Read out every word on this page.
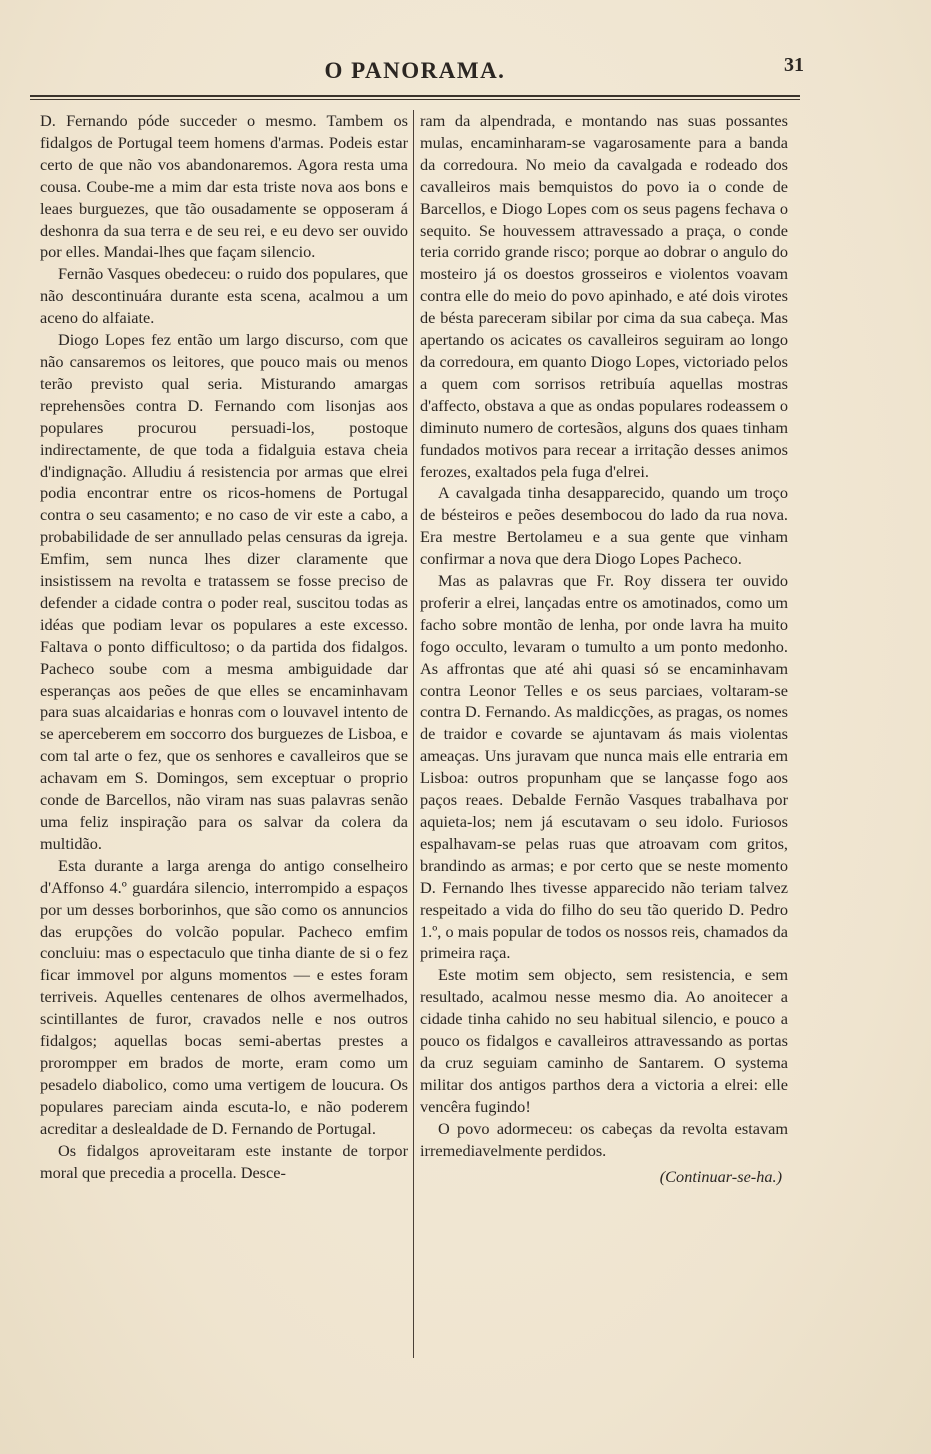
O PANORAMA.	31

D. Fernando póde succeder o mesmo. Tambem os fidalgos de Portugal teem homens d'armas. Podeis estar certo de que não vos abandonaremos. Agora resta uma cousa. Coube-me a mim dar esta triste nova aos bons e leaes burguezes, que tão ousadamente se opposeram á deshonra da sua terra e de seu rei, e eu devo ser ouvido por elles. Mandai-lhes que façam silencio.

Fernão Vasques obedeceu: o ruido dos populares, que não descontinuára durante esta scena, acalmou a um aceno do alfaiate.

Diogo Lopes fez então um largo discurso, com que não cansaremos os leitores, que pouco mais ou menos terão previsto qual seria. Misturando amargas reprehensões contra D. Fernando com lisonjas aos populares procurou persuadi-los, postoque indirectamente, de que toda a fidalguia estava cheia d'indignação. Alludiu á resistencia por armas que elrei podia encontrar entre os ricos-homens de Portugal contra o seu casamento; e no caso de vir este a cabo, a probabilidade de ser annullado pelas censuras da igreja. Emfim, sem nunca lhes dizer claramente que insistissem na revolta e tratassem se fosse preciso de defender a cidade contra o poder real, suscitou todas as idéas que podiam levar os populares a este excesso. Faltava o ponto difficultoso; o da partida dos fidalgos. Pacheco soube com a mesma ambiguidade dar esperanças aos peões de que elles se encaminhavam para suas alcaidarias e honras com o louvavel intento de se aperceberem em soccorro dos burguezes de Lisboa, e com tal arte o fez, que os senhores e cavalleiros que se achavam em S. Domingos, sem exceptuar o proprio conde de Barcellos, não viram nas suas palavras senão uma feliz inspiração para os salvar da colera da multidão.

Esta durante a larga arenga do antigo conselheiro d'Affonso 4.º guardára silencio, interrompido a espaços por um desses borborinhos, que são como os annuncios das erupções do volcão popular. Pacheco emfim concluiu: mas o espectaculo que tinha diante de si o fez ficar immovel por alguns momentos — e estes foram terriveis. Aquelles centenares de olhos avermelhados, scintillantes de furor, cravados nelle e nos outros fidalgos; aquellas bocas semi-abertas prestes a prorompper em brados de morte, eram como um pesadelo diabolico, como uma vertigem de loucura. Os populares pareciam ainda escuta-lo, e não poderem acreditar a deslealdade de D. Fernando de Portugal.

Os fidalgos aproveitaram este instante de torpor moral que precedia a procella. Desce-

ram da alpendrada, e montando nas suas possantes mulas, encaminharam-se vagarosamente para a banda da corredoura. No meio da cavalgada e rodeado dos cavalleiros mais bemquistos do povo ia o conde de Barcellos, e Diogo Lopes com os seus pagens fechava o sequito. Se houvessem attravessado a praça, o conde teria corrido grande risco; porque ao dobrar o angulo do mosteiro já os doestos grosseiros e violentos voavam contra elle do meio do povo apinhado, e até dois virotes de bésta pareceram sibilar por cima da sua cabeça. Mas apertando os acicates os cavalleiros seguiram ao longo da corredoura, em quanto Diogo Lopes, victoriado pelos a quem com sorrisos retribuía aquellas mostras d'affecto, obstava a que as ondas populares rodeassem o diminuto numero de cortesãos, alguns dos quaes tinham fundados motivos para recear a irritação desses animos ferozes, exaltados pela fuga d'elrei.

A cavalgada tinha desapparecido, quando um troço de bésteiros e peões desembocou do lado da rua nova. Era mestre Bertolameu e a sua gente que vinham confirmar a nova que dera Diogo Lopes Pacheco.

Mas as palavras que Fr. Roy dissera ter ouvido proferir a elrei, lançadas entre os amotinados, como um facho sobre montão de lenha, por onde lavra ha muito fogo occulto, levaram o tumulto a um ponto medonho. As affrontas que até ahi quasi só se encaminhavam contra Leonor Telles e os seus parciaes, voltaram-se contra D. Fernando. As maldicções, as pragas, os nomes de traidor e covarde se ajuntavam ás mais violentas ameaças. Uns juravam que nunca mais elle entraria em Lisboa: outros propunham que se lançasse fogo aos paços reaes. Debalde Fernão Vasques trabalhava por aquieta-los; nem já escutavam o seu idolo. Furiosos espalhavam-se pelas ruas que atroavam com gritos, brandindo as armas; e por certo que se neste momento D. Fernando lhes tivesse apparecido não teriam talvez respeitado a vida do filho do seu tão querido D. Pedro 1.º, o mais popular de todos os nossos reis, chamados da primeira raça.

Este motim sem objecto, sem resistencia, e sem resultado, acalmou nesse mesmo dia. Ao anoitecer a cidade tinha cahido no seu habitual silencio, e pouco a pouco os fidalgos e cavalleiros attravessando as portas da cruz seguiam caminho de Santarem. O systema militar dos antigos parthos dera a victoria a elrei: elle vencêra fugindo!

O povo adormeceu: os cabeças da revolta estavam irremediavelmente perdidos.

(Continuar-se-ha.)
